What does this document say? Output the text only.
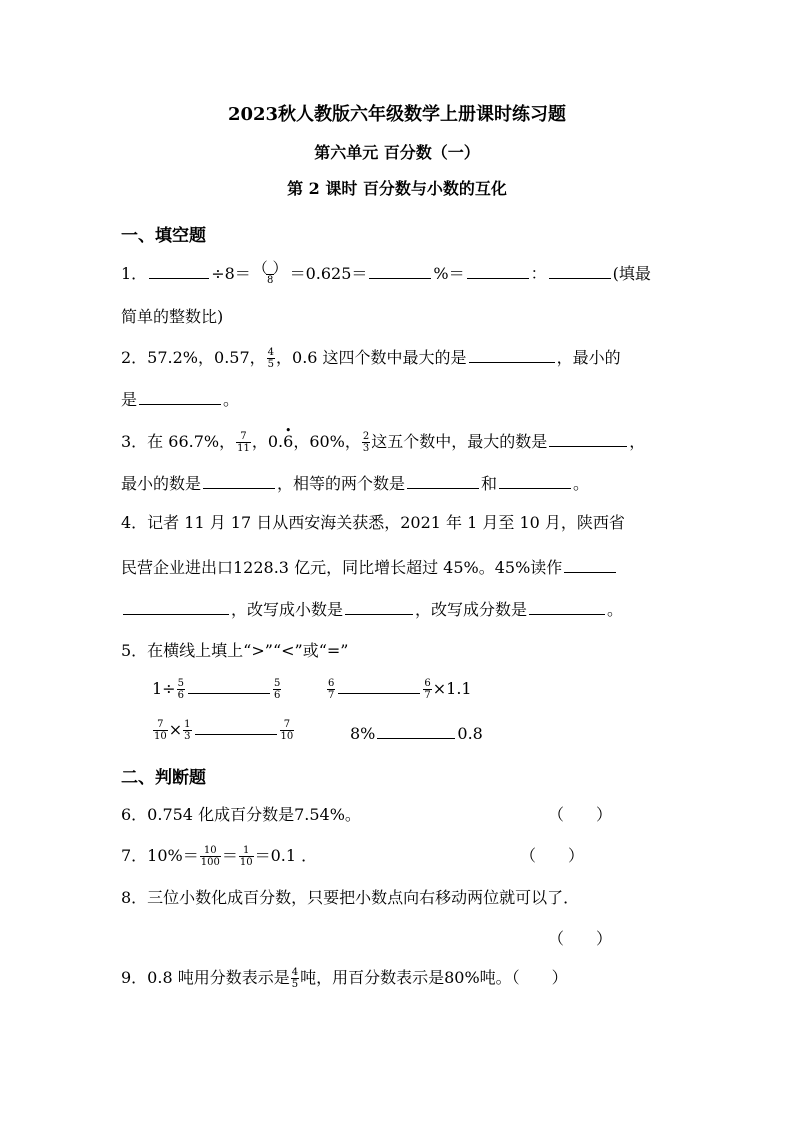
2023秋人教版六年级数学上册课时练习题
第六单元 百分数（一）
第 2 课时 百分数与小数的互化
一、填空题
1．	$\div 8= \frac{( )}{8} =0.625=$	%＝	：	(填最
简单的整数比)
2．57.2%，0.57， $\frac{4}{5}$ ，0.6 这四个数中最大的是	，最小的
是	。
3．在 66.7%， $\frac{7}{11}$ ，0.• 6，60%， $\frac{2}{3}$ 这五个数中，最大的数是	，
最小的数是	，相等的两个数是	和	。
4．记者 11 月 17 日从西安海关获悉，2021 年 1 月至 10 月，陕西省
民营企业进出口1228.3 亿元，同比增长超过 45%。45%读作
，改写成小数是	，改写成分数是	。
5．在横线上填上“>”“<”或“=”
$1\div \frac{5}{6}$	$\frac{5}{6}$	$\frac{6}{7}$	$\frac{6}{7} \times 1.1$
$\frac{7}{10} \times \frac{1}{3}$	$\frac{7}{10}$	8%	0.8
二、判断题
6．0.754 化成百分数是7.54%。	（　　）
7．$10\%= \frac{10}{100} = \frac{1}{10} =0.1$ ．	（　　）
8．三位小数化成百分数，只要把小数点向右移动两位就可以了．
（　　）
9．0.8 吨用分数表示是 $\frac{4}{5}$ 吨，用百分数表示是80%吨。（　　）
